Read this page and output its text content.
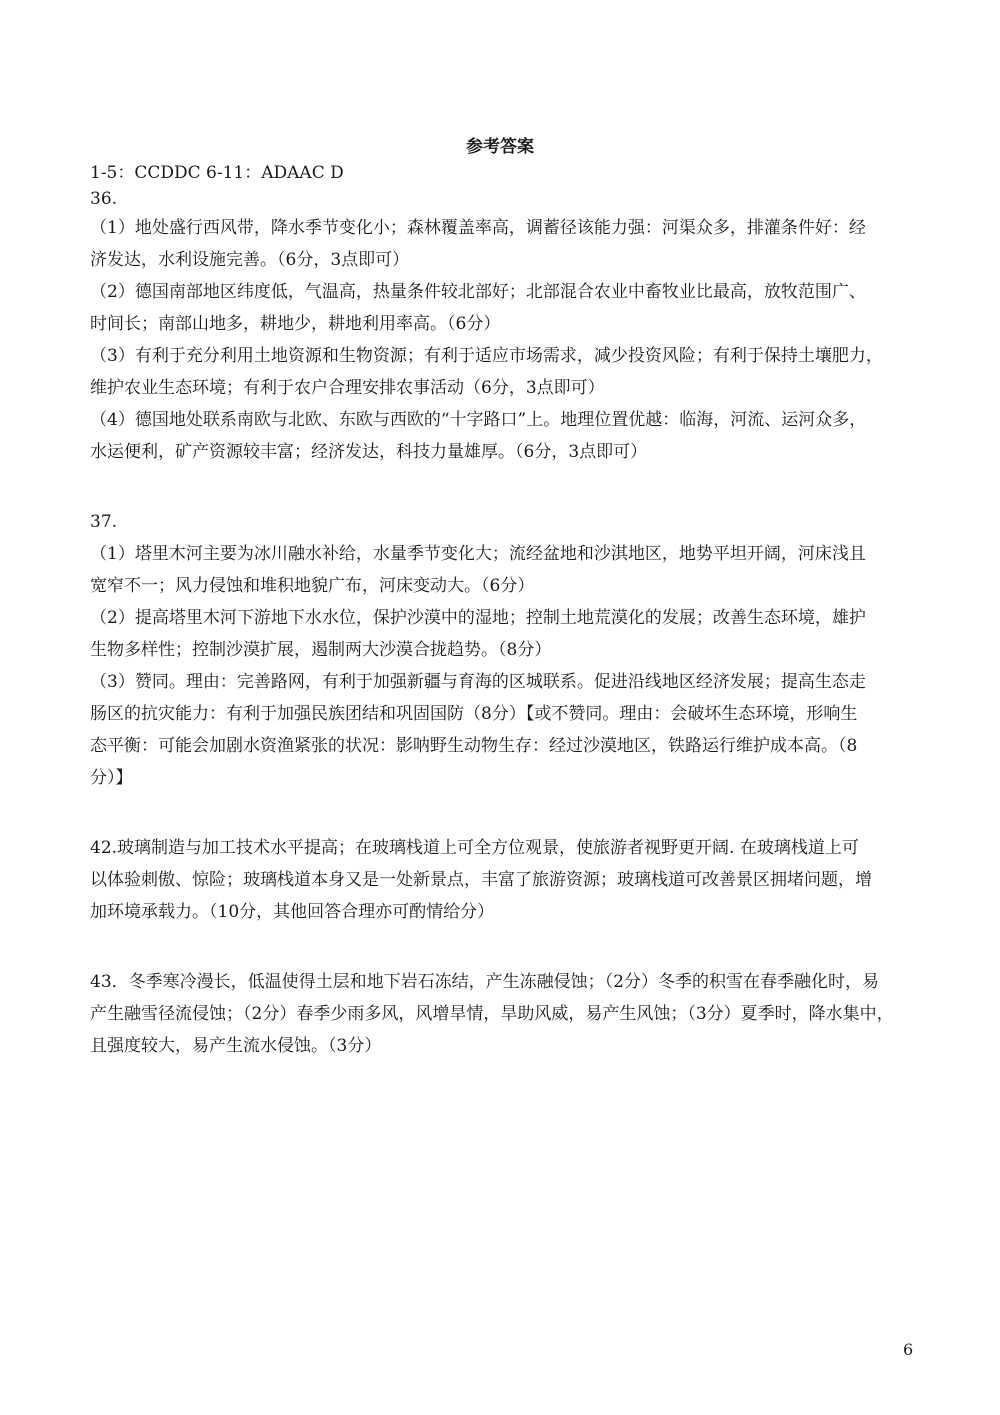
参考答案
1-5：CCDDC 6-11：ADAAC D
36.
（1）地处盛行西风带，降水季节变化小；森林覆盖率高，调蓄径该能力强：河渠众多，排灌条件好：经
济发达，水利设施完善。（6分，3点即可）
（2）德国南部地区纬度低，气温高，热量条件较北部好；北部混合农业中畜牧业比最高，放牧范围广、
时间长；南部山地多，耕地少，耕地利用率高。（6分）
（3）有利于充分利用土地资源和生物资源；有利于适应市场需求，减少投资风险；有利于保持土壤肥力，
维护农业生态环境；有利于农户合理安排农事活动（6分，3点即可）
（4）德国地处联系南欧与北欧、东欧与西欧的“十字路口”上。地理位置优越：临海，河流、运河众多，
水运便利，矿产资源较丰富；经济发达，科技力量雄厚。（6分，3点即可）
37.
（1）塔里木河主要为冰川融水补给，水量季节变化大；流经盆地和沙淇地区，地势平坦开阔，河床浅且
宽窄不一；风力侵蚀和堆积地貌广布，河床变动大。（6分）
（2）提高塔里木河下游地下水水位，保护沙漠中的湿地；控制土地荒漠化的发展；改善生态环境，雄护
生物多样性；控制沙漠扩展，遏制两大沙漠合拢趋势。（8分）
（3）赞同。理由：完善路网，有利于加强新疆与育海的区城联系。促进沿线地区经济发展；提高生态走
肠区的抗灾能力：有利于加强民族团结和巩固国防（8分）【或不赞同。理由：会破坏生态环境，形响生
态平衡：可能会加剧水资渔紧张的状况：影呐野生动物生存：经过沙漠地区，铁路运行维护成本高。（8
分）】
42.玻璃制造与加工技术水平提高；在玻璃栈道上可全方位观景，使旅游者视野更开阔. 在玻璃栈道上可
以体验刺傲、惊险；玻璃栈道本身又是一处新景点，丰富了旅游资源；玻璃栈道可改善景区拥堵问题，增
加环境承载力。（10分，其他回答合理亦可酌情给分）
43．冬季寒冷漫长，低温使得土层和地下岩石冻结，产生冻融侵蚀；（2分）冬季的积雪在春季融化时，易
产生融雪径流侵蚀；（2分）春季少雨多风，风增旱情，旱助风威，易产生风蚀；（3分）夏季时，降水集中，
且强度较大，易产生流水侵蚀。（3分）
6
